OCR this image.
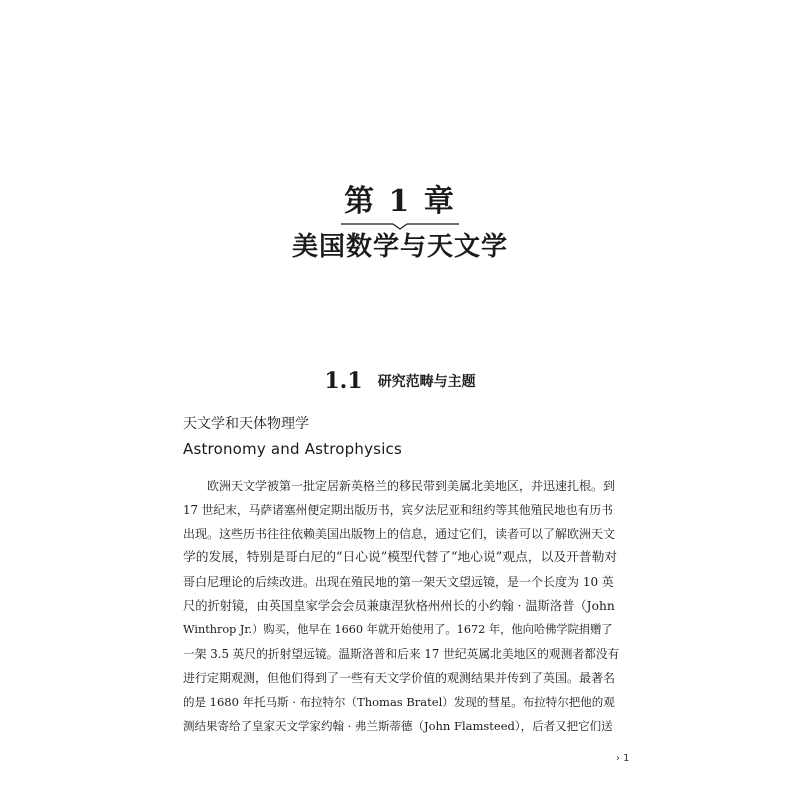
第 1 章
美国数学与天文学
1.1 研究范畴与主题
天文学和天体物理学
Astronomy and Astrophysics
　　欧洲天文学被第一批定居新英格兰的移民带到美属北美地区，并迅速扎根。到
17 世纪末，马萨诸塞州便定期出版历书，宾夕法尼亚和纽约等其他殖民地也有历书
出现。这些历书往往依赖美国出版物上的信息，通过它们，读者可以了解欧洲天文
学的发展，特别是哥白尼的“日心说”模型代替了“地心说”观点，以及开普勒对
哥白尼理论的后续改进。出现在殖民地的第一架天文望远镜，是一个长度为 10 英
尺的折射镜，由英国皇家学会会员兼康涅狄格州州长的小约翰 · 温斯洛普（John
Winthrop Jr.）购买，他早在 1660 年就开始使用了。1672 年，他向哈佛学院捐赠了
一架 3.5 英尺的折射望远镜。温斯洛普和后来 17 世纪英属北美地区的观测者都没有
进行定期观测，但他们得到了一些有天文学价值的观测结果并传到了英国。最著名
的是 1680 年托马斯 · 布拉特尔（Thomas Bratel）发现的彗星。布拉特尔把他的观
测结果寄给了皇家天文学家约翰 · 弗兰斯蒂德（John Flamsteed），后者又把它们送
› 1
